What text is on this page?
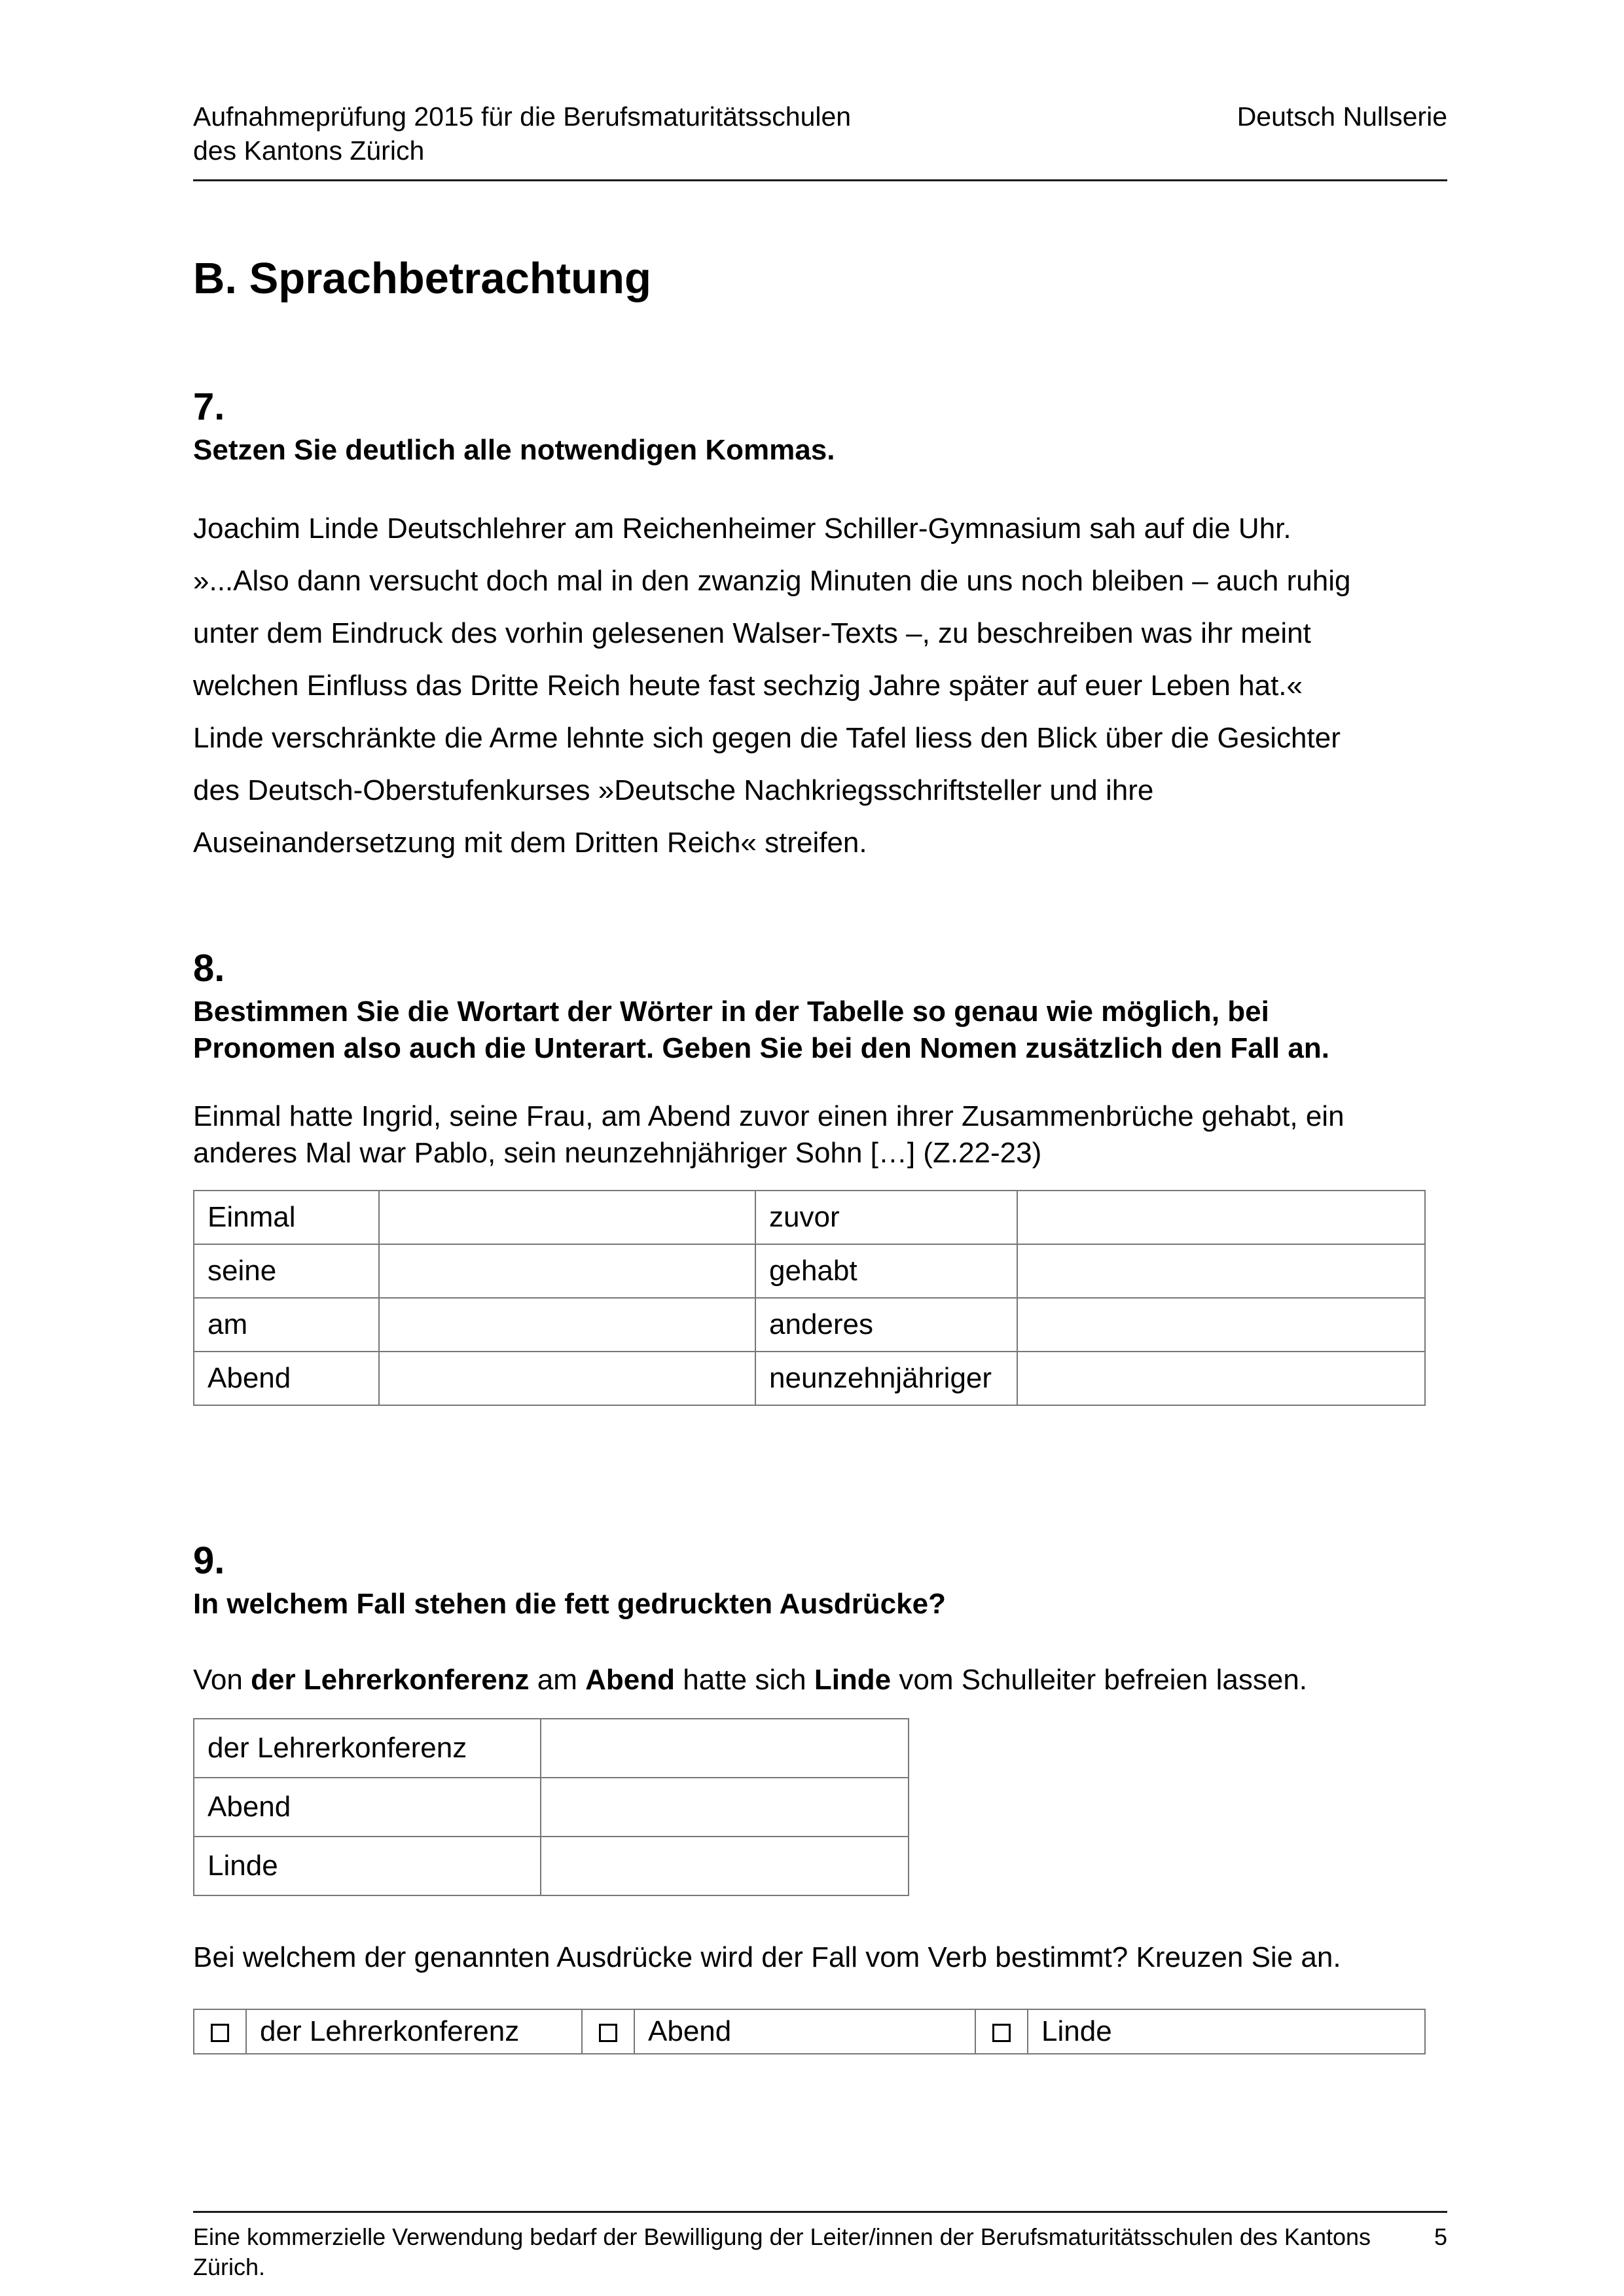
Aufnahmeprüfung 2015 für die Berufsmaturitätsschulen
des Kantons Zürich
Deutsch Nullserie
B. Sprachbetrachtung
7.
Setzen Sie deutlich alle notwendigen Kommas.
Joachim Linde Deutschlehrer am Reichenheimer Schiller-Gymnasium sah auf die Uhr.
»...Also dann versucht doch mal in den zwanzig Minuten die uns noch bleiben – auch ruhig
unter dem Eindruck des vorhin gelesenen Walser-Texts –, zu beschreiben was ihr meint
welchen Einfluss das Dritte Reich heute fast sechzig Jahre später auf euer Leben hat.«
Linde verschränkte die Arme lehnte sich gegen die Tafel liess den Blick über die Gesichter
des Deutsch-Oberstufenkurses »Deutsche Nachkriegsschriftsteller und ihre
Auseinandersetzung mit dem Dritten Reich« streifen.
8.
Bestimmen Sie die Wortart der Wörter in der Tabelle so genau wie möglich, bei
Pronomen also auch die Unterart. Geben Sie bei den Nomen zusätzlich den Fall an.
Einmal hatte Ingrid, seine Frau, am Abend zuvor einen ihrer Zusammenbrüche gehabt, ein
anderes Mal war Pablo, sein neunzehnjähriger Sohn […] (Z.22-23)
Einmal		zuvor	
seine		gehabt	
am		anderes	
Abend		neunzehnjähriger	
9.
In welchem Fall stehen die fett gedruckten Ausdrücke?

Von der Lehrerkonferenz am Abend hatte sich Linde vom Schulleiter befreien lassen.

der Lehrerkonferenz	
Abend	
Linde	

Bei welchem der genannten Ausdrücke wird der Fall vom Verb bestimmt? Kreuzen Sie an.

	der Lehrerkonferenz		Abend		Linde
Eine kommerzielle Verwendung bedarf der Bewilligung der Leiter/innen der Berufsmaturitätsschulen des Kantons Zürich.
5
